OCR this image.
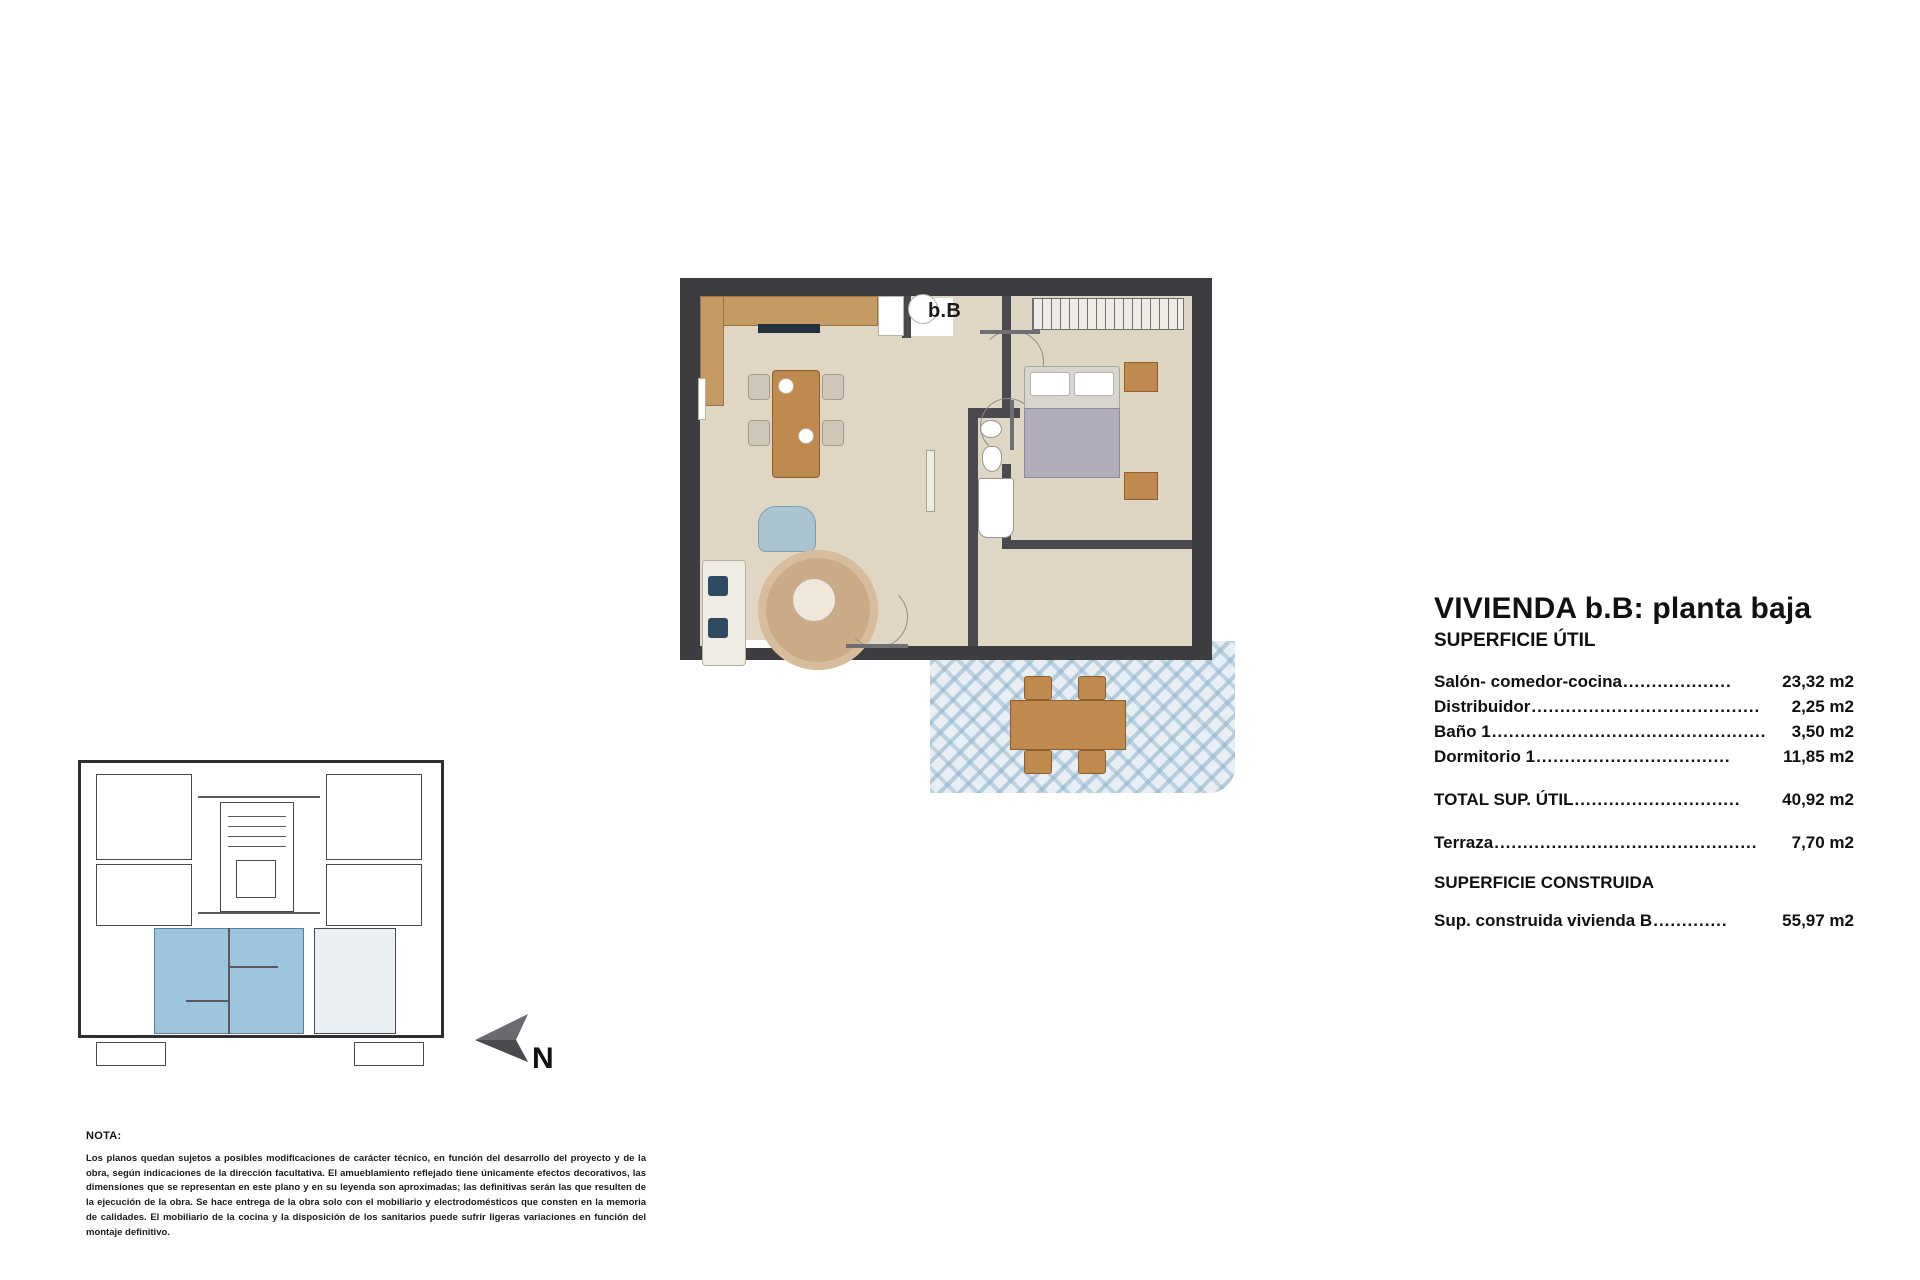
b.B
N
VIVIENDA b.B: planta baja
SUPERFICIE ÚTIL
Salón- comedor-cocina ...................	23,32 m2
Distribuidor ........................................	2,25 m2
Baño 1 ................................................	3,50 m2
Dormitorio 1 ..................................	11,85 m2
TOTAL SUP. ÚTIL .............................	40,92 m2
Terraza ..............................................	7,70 m2
SUPERFICIE CONSTRUIDA
Sup. construida vivienda B .............	55,97 m2
NOTA:
Los planos quedan sujetos a posibles modificaciones de carácter técnico, en función del desarrollo del proyecto y de la obra, según indicaciones de la dirección facultativa. El amueblamiento reflejado tiene únicamente efectos decorativos, las dimensiones que se representan en este plano y en su leyenda son aproximadas; las definitivas serán las que resulten de la ejecución de la obra. Se hace entrega de la obra solo con el mobiliario y electrodomésticos que consten en la memoria de calidades. El mobiliario de la cocina y la disposición de los sanitarios puede sufrir ligeras variaciones en función del montaje definitivo.
